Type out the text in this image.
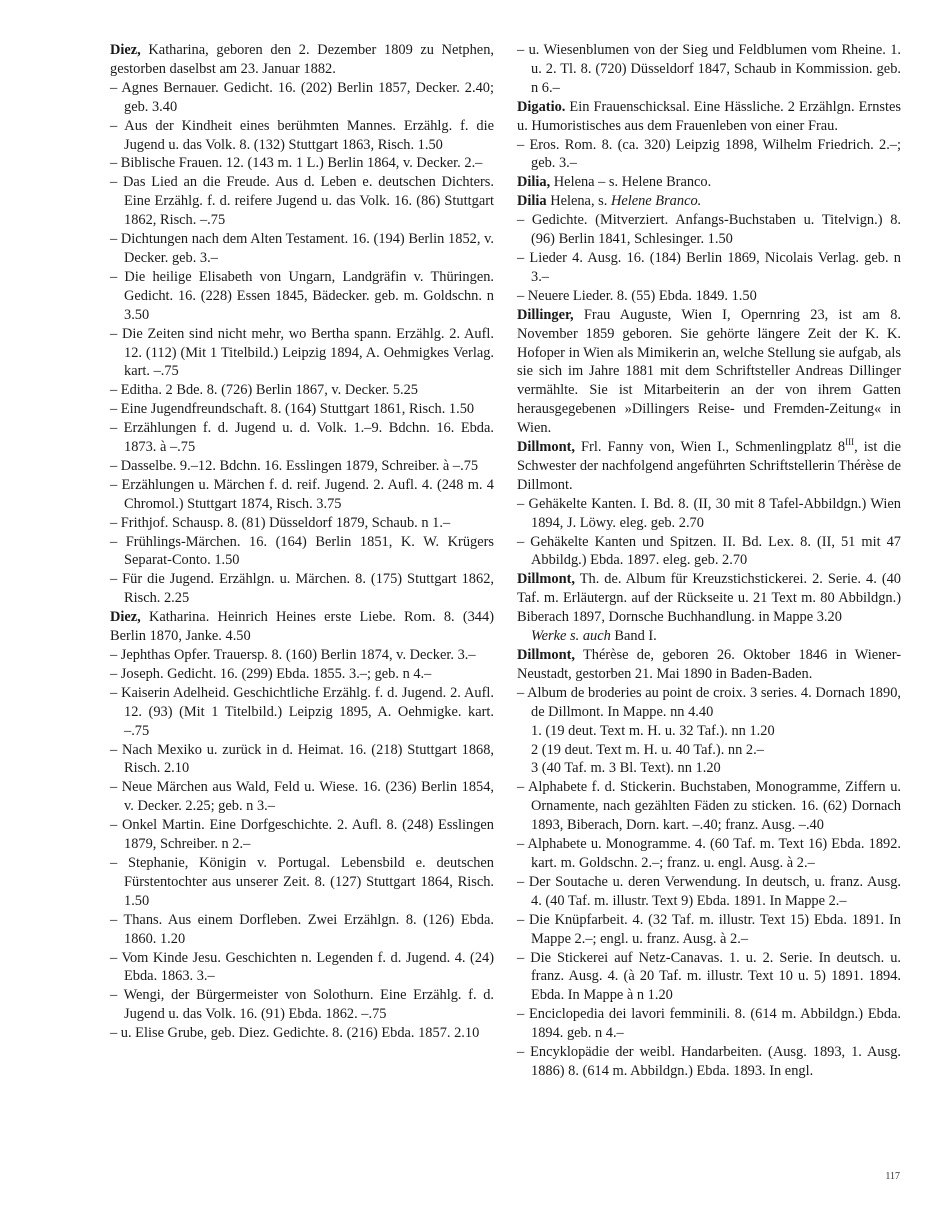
Diez, Katharina, geboren den 2. Dezember 1809 zu Netphen, gestorben daselbst am 23. Januar 1882.

– Agnes Bernauer. Gedicht. 16. (202) Berlin 1857, Decker. 2.40; geb. 3.40

– Aus der Kindheit eines berühmten Mannes. Erzählg. f. die Jugend u. das Volk. 8. (132) Stuttgart 1863, Risch. 1.50

– Biblische Frauen. 12. (143 m. 1 L.) Berlin 1864, v. Decker. 2.–

– Das Lied an die Freude. Aus d. Leben e. deutschen Dichters. Eine Erzählg. f. d. reifere Jugend u. das Volk. 16. (86) Stuttgart 1862, Risch. –.75

– Dichtungen nach dem Alten Testament. 16. (194) Berlin 1852, v. Decker. geb. 3.–

– Die heilige Elisabeth von Ungarn, Landgräfin v. Thüringen. Gedicht. 16. (228) Essen 1845, Bädecker. geb. m. Goldschn. n 3.50

– Die Zeiten sind nicht mehr, wo Bertha spann. Erzählg. 2. Aufl. 12. (112) (Mit 1 Titelbild.) Leipzig 1894, A. Oehmigkes Verlag. kart. –.75

– Editha. 2 Bde. 8. (726) Berlin 1867, v. Decker. 5.25

– Eine Jugendfreundschaft. 8. (164) Stuttgart 1861, Risch. 1.50

– Erzählungen f. d. Jugend u. d. Volk. 1.–9. Bdchn. 16. Ebda. 1873. à –.75

– Dasselbe. 9.–12. Bdchn. 16. Esslingen 1879, Schreiber. à –.75

– Erzählungen u. Märchen f. d. reif. Jugend. 2. Aufl. 4. (248 m. 4 Chromol.) Stuttgart 1874, Risch. 3.75

– Frithjof. Schausp. 8. (81) Düsseldorf 1879, Schaub. n 1.–

– Frühlings-Märchen. 16. (164) Berlin 1851, K. W. Krügers Separat-Conto. 1.50

– Für die Jugend. Erzählgn. u. Märchen. 8. (175) Stuttgart 1862, Risch. 2.25

Diez, Katharina. Heinrich Heines erste Liebe. Rom. 8. (344) Berlin 1870, Janke. 4.50

– Jephthas Opfer. Trauersp. 8. (160) Berlin 1874, v. Decker. 3.–

– Joseph. Gedicht. 16. (299) Ebda. 1855. 3.–; geb. n 4.–

– Kaiserin Adelheid. Geschichtliche Erzählg. f. d. Jugend. 2. Aufl. 12. (93) (Mit 1 Titelbild.) Leipzig 1895, A. Oehmigke. kart. –.75

– Nach Mexiko u. zurück in d. Heimat. 16. (218) Stuttgart 1868, Risch. 2.10

– Neue Märchen aus Wald, Feld u. Wiese. 16. (236) Berlin 1854, v. Decker. 2.25; geb. n 3.–

– Onkel Martin. Eine Dorfgeschichte. 2. Aufl. 8. (248) Esslingen 1879, Schreiber. n 2.–

– Stephanie, Königin v. Portugal. Lebensbild e. deutschen Fürstentochter aus unserer Zeit. 8. (127) Stuttgart 1864, Risch. 1.50

– Thans. Aus einem Dorfleben. Zwei Erzählgn. 8. (126) Ebda. 1860. 1.20

– Vom Kinde Jesu. Geschichten n. Legenden f. d. Jugend. 4. (24) Ebda. 1863. 3.–

– Wengi, der Bürgermeister von Solothurn. Eine Erzählg. f. d. Jugend u. das Volk. 16. (91) Ebda. 1862. –.75

– u. Elise Grube, geb. Diez. Gedichte. 8. (216) Ebda. 1857. 2.10

– u. Wiesenblumen von der Sieg und Feldblumen vom Rheine. 1. u. 2. Tl. 8. (720) Düsseldorf 1847, Schaub in Kommission. geb. n 6.–

Digatio. Ein Frauenschicksal. Eine Hässliche. 2 Erzählgn. Ernstes u. Humoristisches aus dem Frauenleben von einer Frau.

– Eros. Rom. 8. (ca. 320) Leipzig 1898, Wilhelm Friedrich. 2.–; geb. 3.–

Dilia, Helena – s. Helene Branco.

Dilia Helena, s. Helene Branco.

– Gedichte. (Mitverziert. Anfangs-Buchstaben u. Titelvign.) 8. (96) Berlin 1841, Schlesinger. 1.50

– Lieder 4. Ausg. 16. (184) Berlin 1869, Nicolais Verlag. geb. n 3.–

– Neuere Lieder. 8. (55) Ebda. 1849. 1.50

Dillinger, Frau Auguste, Wien I, Opernring 23, ist am 8. November 1859 geboren. Sie gehörte längere Zeit der K. K. Hofoper in Wien als Mimikerin an, welche Stellung sie aufgab, als sie sich im Jahre 1881 mit dem Schriftsteller Andreas Dillinger vermählte. Sie ist Mitarbeiterin an der von ihrem Gatten herausgegebenen »Dillingers Reise- und Fremden-Zeitung« in Wien.

Dillmont, Frl. Fanny von, Wien I., Schmenlingplatz $8^{III}$, ist die Schwester der nachfolgend angeführten Schriftstellerin Thérèse de Dillmont.

– Gehäkelte Kanten. I. Bd. 8. (II, 30 mit 8 Tafel-Abbildgn.) Wien 1894, J. Löwy. eleg. geb. 2.70

– Gehäkelte Kanten und Spitzen. II. Bd. Lex. 8. (II, 51 mit 47 Abbildg.) Ebda. 1897. eleg. geb. 2.70

Dillmont, Th. de. Album für Kreuzstichstickerei. 2. Serie. 4. (40 Taf. m. Erläutergn. auf der Rückseite u. 21 Text m. 80 Abbildgn.) Biberach 1897, Dornsche Buchhandlung. in Mappe 3.20

Werke s. auch Band I.

Dillmont, Thérèse de, geboren 26. Oktober 1846 in Wiener-Neustadt, gestorben 21. Mai 1890 in Baden-Baden.

– Album de broderies au point de croix. 3 series. 4. Dornach 1890, de Dillmont. In Mappe. nn 4.40

1. (19 deut. Text m. H. u. 32 Taf.). nn 1.20

2 (19 deut. Text m. H. u. 40 Taf.). nn 2.–

3 (40 Taf. m. 3 Bl. Text). nn 1.20

– Alphabete f. d. Stickerin. Buchstaben, Monogramme, Ziffern u. Ornamente, nach gezählten Fäden zu sticken. 16. (62) Dornach 1893, Biberach, Dorn. kart. –.40; franz. Ausg. –.40

– Alphabete u. Monogramme. 4. (60 Taf. m. Text 16) Ebda. 1892. kart. m. Goldschn. 2.–; franz. u. engl. Ausg. à 2.–

– Der Soutache u. deren Verwendung. In deutsch, u. franz. Ausg. 4. (40 Taf. m. illustr. Text 9) Ebda. 1891. In Mappe 2.–

– Die Knüpfarbeit. 4. (32 Taf. m. illustr. Text 15) Ebda. 1891. In Mappe 2.–; engl. u. franz. Ausg. à 2.–

– Die Stickerei auf Netz-Canavas. 1. u. 2. Serie. In deutsch. u. franz. Ausg. 4. (à 20 Taf. m. illustr. Text 10 u. 5) 1891. 1894. Ebda. In Mappe à n 1.20

– Enciclopedia dei lavori femminili. 8. (614 m. Abbildgn.) Ebda. 1894. geb. n 4.–

– Encyklopädie der weibl. Handarbeiten. (Ausg. 1893, 1. Ausg. 1886) 8. (614 m. Abbildgn.) Ebda. 1893. In engl.

117
